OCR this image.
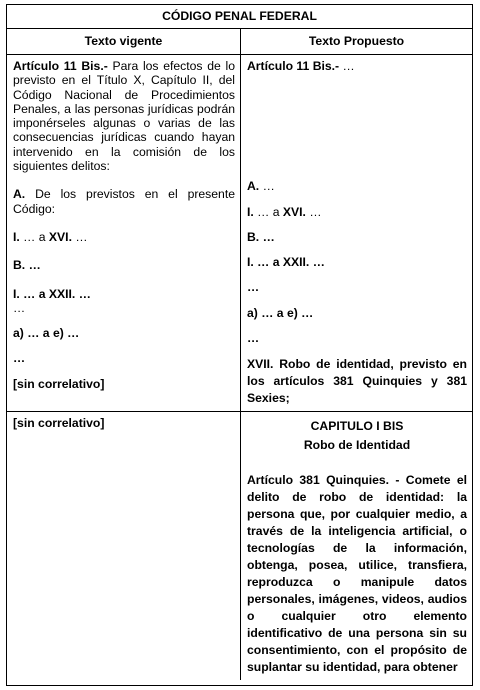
CÓDIGO PENAL FEDERAL
Texto vigente	Texto Propuesto

Artículo 11 Bis.- Para los efectos de lo previsto en el Título X, Capítulo II, del Código Nacional de Procedimientos Penales, a las personas jurídicas podrán imponérseles algunas o varias de las consecuencias jurídicas cuando hayan intervenido en la comisión de los siguientes delitos:

A. De los previstos en el presente Código:

I. … a XVI. …

B. …

I. … a XXII. …

…

a) … a e) …

…

[sin correlativo]

Artículo 11 Bis.- …

A. …

I. … a XVI. …

B. …

I. … a XXII. …

…

a) … a e) …

…

XVII. Robo de identidad, previsto en los artículos 381 Quinquies y 381 Sexies;

[sin correlativo]	CAPITULO I BIS

Robo de Identidad

Artículo 381 Quinquies. - Comete el delito de robo de identidad: la persona que, por cualquier medio, a través de la inteligencia artificial, o tecnologías de la información, obtenga, posea, utilice, transfiera, reproduzca o manipule datos personales, imágenes, videos, audios o cualquier otro elemento identificativo de una persona sin su consentimiento, con el propósito de suplantar su identidad, para obtener
